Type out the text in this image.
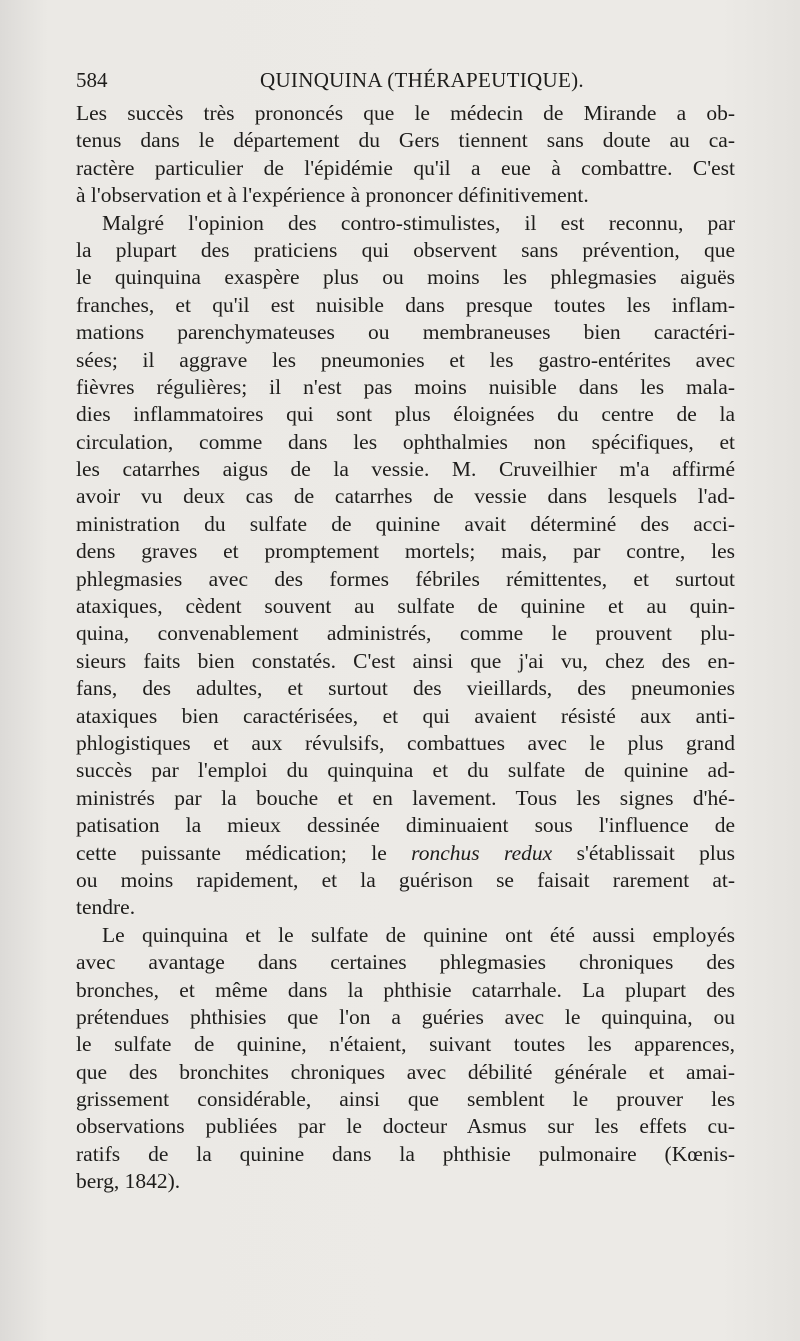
584	QUINQUINA (THÉRAPEUTIQUE).
Les succès très prononcés que le médecin de Mirande a ob-
tenus dans le département du Gers tiennent sans doute au ca-
ractère particulier de l'épidémie qu'il a eue à combattre. C'est
à l'observation et à l'expérience à prononcer définitivement.
Malgré l'opinion des contro-stimulistes, il est reconnu, par
la plupart des praticiens qui observent sans prévention, que
le quinquina exaspère plus ou moins les phlegmasies aiguës
franches, et qu'il est nuisible dans presque toutes les inflam-
mations parenchymateuses ou membraneuses bien caractéri-
sées; il aggrave les pneumonies et les gastro-entérites avec
fièvres régulières; il n'est pas moins nuisible dans les mala-
dies inflammatoires qui sont plus éloignées du centre de la
circulation, comme dans les ophthalmies non spécifiques, et
les catarrhes aigus de la vessie. M. Cruveilhier m'a affirmé
avoir vu deux cas de catarrhes de vessie dans lesquels l'ad-
ministration du sulfate de quinine avait déterminé des acci-
dens graves et promptement mortels; mais, par contre, les
phlegmasies avec des formes fébriles rémittentes, et surtout
ataxiques, cèdent souvent au sulfate de quinine et au quin-
quina, convenablement administrés, comme le prouvent plu-
sieurs faits bien constatés. C'est ainsi que j'ai vu, chez des en-
fans, des adultes, et surtout des vieillards, des pneumonies
ataxiques bien caractérisées, et qui avaient résisté aux anti-
phlogistiques et aux révulsifs, combattues avec le plus grand
succès par l'emploi du quinquina et du sulfate de quinine ad-
ministrés par la bouche et en lavement. Tous les signes d'hé-
patisation la mieux dessinée diminuaient sous l'influence de
cette puissante médication; le ronchus redux s'établissait plus
ou moins rapidement, et la guérison se faisait rarement at-
tendre.
Le quinquina et le sulfate de quinine ont été aussi employés
avec avantage dans certaines phlegmasies chroniques des
bronches, et même dans la phthisie catarrhale. La plupart des
prétendues phthisies que l'on a guéries avec le quinquina, ou
le sulfate de quinine, n'étaient, suivant toutes les apparences,
que des bronchites chroniques avec débilité générale et amai-
grissement considérable, ainsi que semblent le prouver les
observations publiées par le docteur Asmus sur les effets cu-
ratifs de la quinine dans la phthisie pulmonaire (Kœnis-
berg, 1842).
